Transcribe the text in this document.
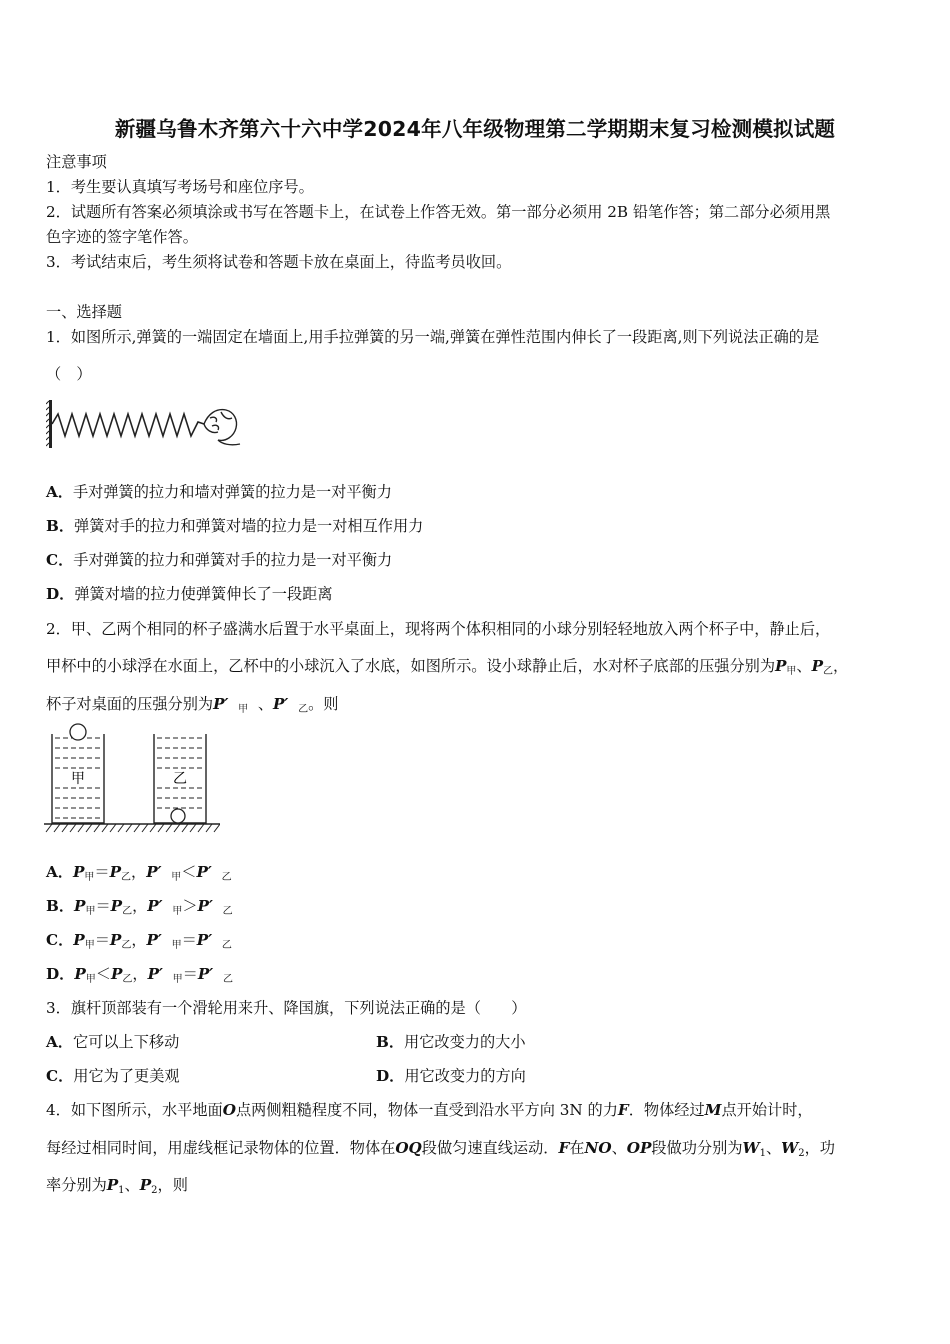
新疆乌鲁木齐第六十六中学2024年八年级物理第二学期期末复习检测模拟试题
注意事项
1．考生要认真填写考场号和座位序号。
2．试题所有答案必须填涂或书写在答题卡上，在试卷上作答无效。第一部分必须用 2B 铅笔作答；第二部分必须用黑
色字迹的签字笔作答。
3．考试结束后，考生须将试卷和答题卡放在桌面上，待监考员收回。
一、选择题
1．如图所示,弹簧的一端固定在墙面上,用手拉弹簧的另一端,弹簧在弹性范围内伸长了一段距离,则下列说法正确的是
（　）
A．手对弹簧的拉力和墙对弹簧的拉力是一对平衡力
B．弹簧对手的拉力和弹簧对墙的拉力是一对相互作用力
C．手对弹簧的拉力和弹簧对手的拉力是一对平衡力
D．弹簧对墙的拉力使弹簧伸长了一段距离
2．甲、乙两个相同的杯子盛满水后置于水平桌面上，现将两个体积相同的小球分别轻轻地放入两个杯子中，静止后，
甲杯中的小球浮在水面上，乙杯中的小球沉入了水底，如图所示。设小球静止后，水对杯子底部的压强分别为$P_甲$、$P_乙$，
杯子对桌面的压强分别为P′ $_甲$ 、P′ $_乙$。则
甲	乙
A．$P_甲=P_乙$，P′ $_甲$＜P′ $_乙$
B．$P_甲=P_乙$，P′ $_甲$＞P′ $_乙$
C．$P_甲=P_乙$，P′ $_甲$＝P′ $_乙$
D．$P_甲<P_乙$，P′ $_甲$＝P′ $_乙$
3．旗杆顶部装有一个滑轮用来升、降国旗，下列说法正确的是（　　）
A．它可以上下移动	B．用它改变力的大小
C．用它为了更美观	D．用它改变力的方向
4．如下图所示，水平地面O点两侧粗糙程度不同，物体一直受到沿水平方向 3N 的力F．物体经过M点开始计时，
每经过相同时间，用虚线框记录物体的位置．物体在OQ段做匀速直线运动．F在NO、OP段做功分别为$W_1$、$W_2$，功
率分别为$P_1$、$P_2$，则
